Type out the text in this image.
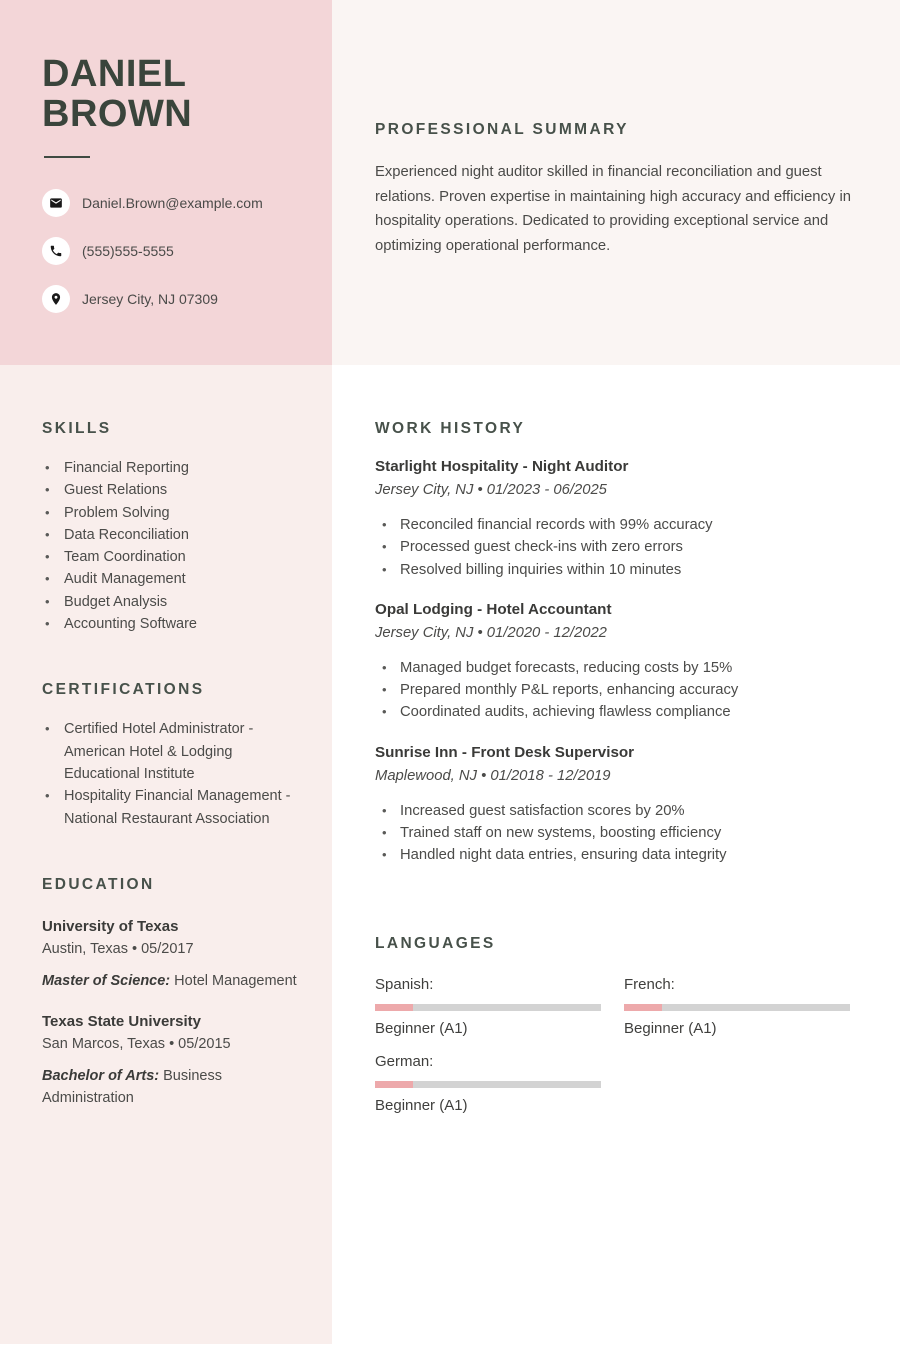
DANIEL
BROWN
Daniel.Brown@example.com
(555)555-5555
Jersey City, NJ 07309
SKILLS
• Financial Reporting
• Guest Relations
• Problem Solving
• Data Reconciliation
• Team Coordination
• Audit Management
• Budget Analysis
• Accounting Software
CERTIFICATIONS
• Certified Hotel Administrator - American Hotel & Lodging Educational Institute
• Hospitality Financial Management - National Restaurant Association
EDUCATION
University of Texas
Austin, Texas • 05/2017
Master of Science: Hotel Management
Texas State University
San Marcos, Texas • 05/2015
Bachelor of Arts: Business Administration
PROFESSIONAL SUMMARY

Experienced night auditor skilled in financial reconciliation and guest relations. Proven expertise in maintaining high accuracy and efficiency in hospitality operations. Dedicated to providing exceptional service and optimizing operational performance.

WORK HISTORY
Starlight Hospitality - Night Auditor
Jersey City, NJ • 01/2023 - 06/2025
• Reconciled financial records with 99% accuracy
• Processed guest check-ins with zero errors
• Resolved billing inquiries within 10 minutes
Opal Lodging - Hotel Accountant
Jersey City, NJ • 01/2020 - 12/2022
• Managed budget forecasts, reducing costs by 15%
• Prepared monthly P&L reports, enhancing accuracy
• Coordinated audits, achieving flawless compliance
Sunrise Inn - Front Desk Supervisor
Maplewood, NJ • 01/2018 - 12/2019
• Increased guest satisfaction scores by 20%
• Trained staff on new systems, boosting efficiency
• Handled night data entries, ensuring data integrity
LANGUAGES
Spanish:
Beginner (A1)
French:
Beginner (A1)
German:
Beginner (A1)
